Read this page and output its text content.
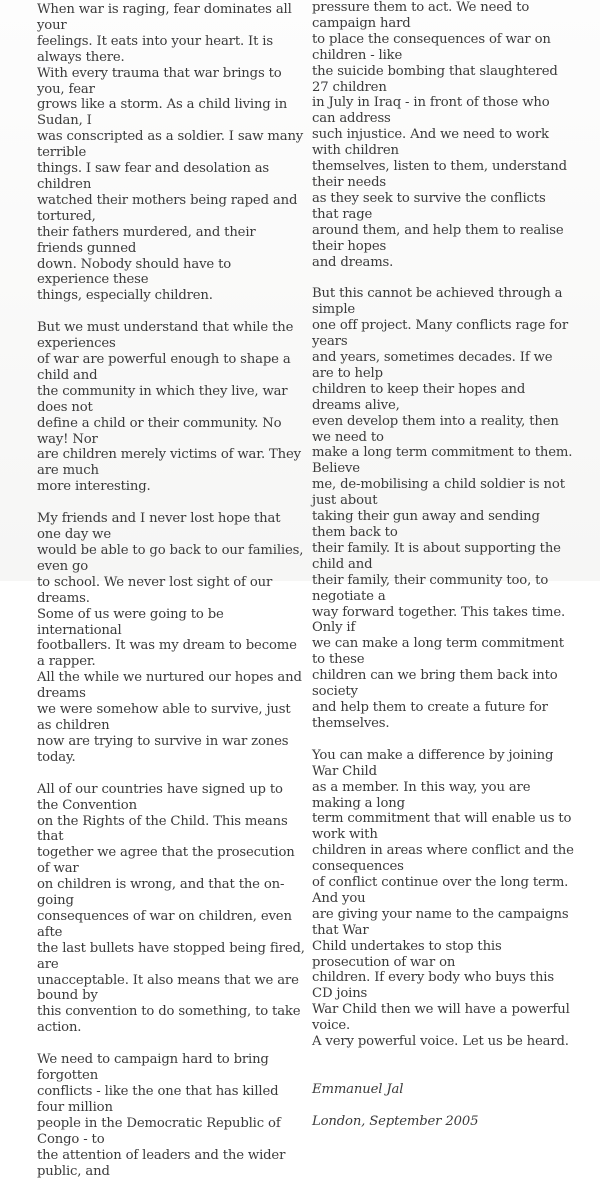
When war is raging, fear dominates all your
feelings. It eats into your heart. It is always there.
With every trauma that war brings to you, fear
grows like a storm. As a child living in Sudan, I
was conscripted as a soldier. I saw many terrible
things. I saw fear and desolation as children
watched their mothers being raped and tortured,
their fathers murdered, and their friends gunned
down. Nobody should have to experience these
things, especially children.

But we must understand that while the experiences
of war are powerful enough to shape a child and
the community in which they live, war does not
define a child or their community. No way! Nor
are children merely victims of war. They are much
more interesting.

My friends and I never lost hope that one day we
would be able to go back to our families, even go
to school. We never lost sight of our dreams.
Some of us were going to be international
footballers. It was my dream to become a rapper.
All the while we nurtured our hopes and dreams
we were somehow able to survive, just as children
now are trying to survive in war zones today.

All of our countries have signed up to the Convention
on the Rights of the Child. This means that
together we agree that the prosecution of war
on children is wrong, and that the on-going
consequences of war on children, even afte
the last bullets have stopped being fired, are
unacceptable. It also means that we are bound by
this convention to do something, to take action.

We need to campaign hard to bring forgotten
conflicts - like the one that has killed four million
people in the Democratic Republic of Congo - to
the attention of leaders and the wider public, and

pressure them to act. We need to campaign hard
to place the consequences of war on children - like
the suicide bombing that slaughtered 27 children
in July in Iraq - in front of those who can address
such injustice. And we need to work with children
themselves, listen to them, understand their needs
as they seek to survive the conflicts that rage
around them, and help them to realise their hopes
and dreams.

But this cannot be achieved through a simple
one off project. Many conflicts rage for years
and years, sometimes decades. If we are to help
children to keep their hopes and dreams alive,
even develop them into a reality, then we need to
make a long term commitment to them. Believe
me, de-mobilising a child soldier is not just about
taking their gun away and sending them back to
their family. It is about supporting the child and
their family, their community too, to negotiate a
way forward together. This takes time. Only if
we can make a long term commitment to these
children can we bring them back into society
and help them to create a future for themselves.

You can make a difference by joining War Child
as a member. In this way, you are making a long
term commitment that will enable us to work with
children in areas where conflict and the consequences
of conflict continue over the long term. And you
are giving your name to the campaigns that War
Child undertakes to stop this prosecution of war on
children. If every body who buys this CD joins
War Child then we will have a powerful voice.
A very powerful voice. Let us be heard.

Emmanuel Jal

London, September 2005
